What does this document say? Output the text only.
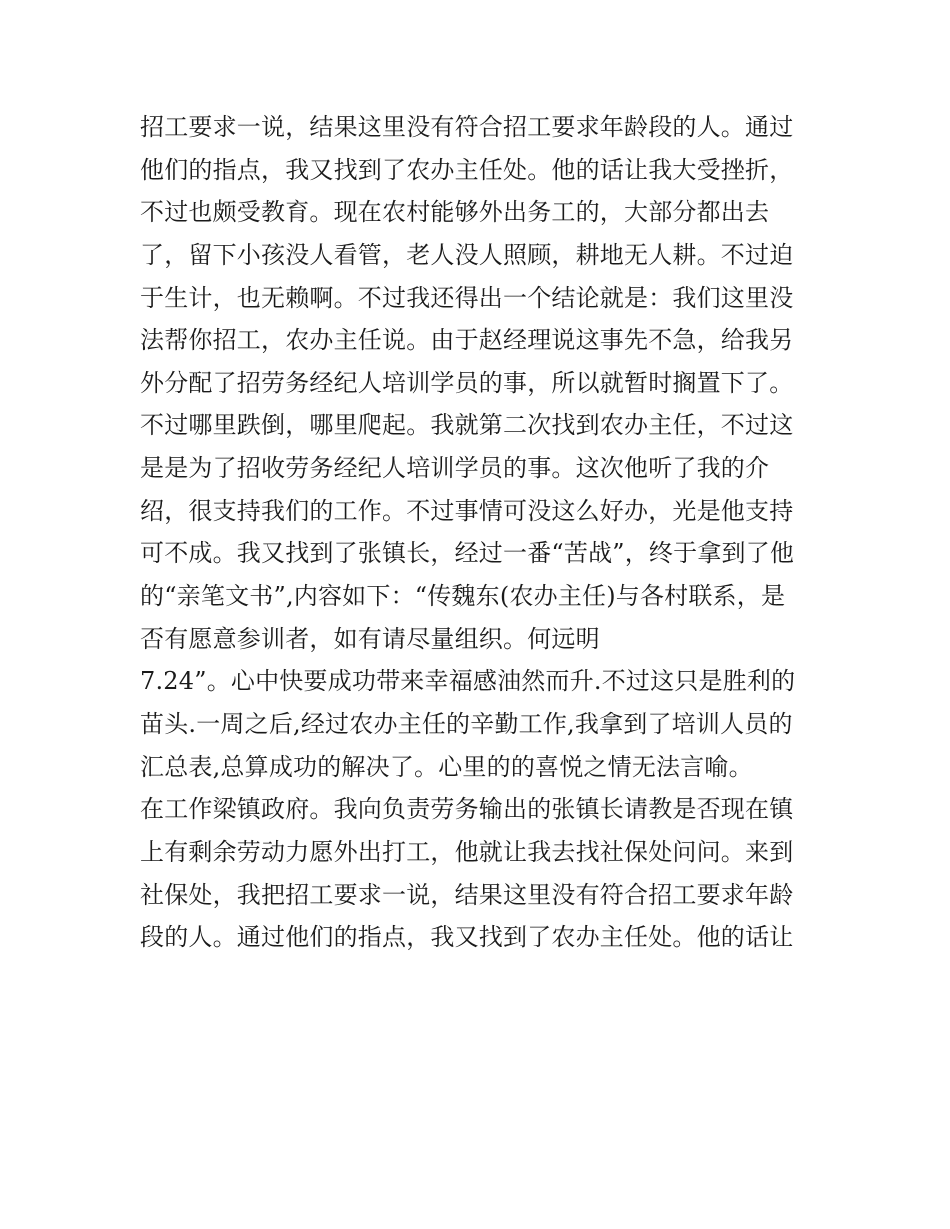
招工要求一说，结果这里没有符合招工要求年龄段的人。通过
他们的指点，我又找到了农办主任处。他的话让我大受挫折，
不过也颇受教育。现在农村能够外出务工的，大部分都出去
了，留下小孩没人看管，老人没人照顾，耕地无人耕。不过迫
于生计，也无赖啊。不过我还得出一个结论就是：我们这里没
法帮你招工，农办主任说。由于赵经理说这事先不急，给我另
外分配了招劳务经纪人培训学员的事，所以就暂时搁置下了。
不过哪里跌倒，哪里爬起。我就第二次找到农办主任，不过这
是是为了招收劳务经纪人培训学员的事。这次他听了我的介
绍，很支持我们的工作。不过事情可没这么好办，光是他支持
可不成。我又找到了张镇长，经过一番“苦战”，终于拿到了他
的“亲笔文书”,内容如下：“传魏东(农办主任)与各村联系，是
否有愿意参训者，如有请尽量组织。何远明
7.24”。心中快要成功带来幸福感油然而升.不过这只是胜利的
苗头.一周之后,经过农办主任的辛勤工作,我拿到了培训人员的
汇总表,总算成功的解决了。心里的的喜悦之情无法言喻。
在工作梁镇政府。我向负责劳务输出的张镇长请教是否现在镇
上有剩余劳动力愿外出打工，他就让我去找社保处问问。来到
社保处，我把招工要求一说，结果这里没有符合招工要求年龄
段的人。通过他们的指点，我又找到了农办主任处。他的话让
